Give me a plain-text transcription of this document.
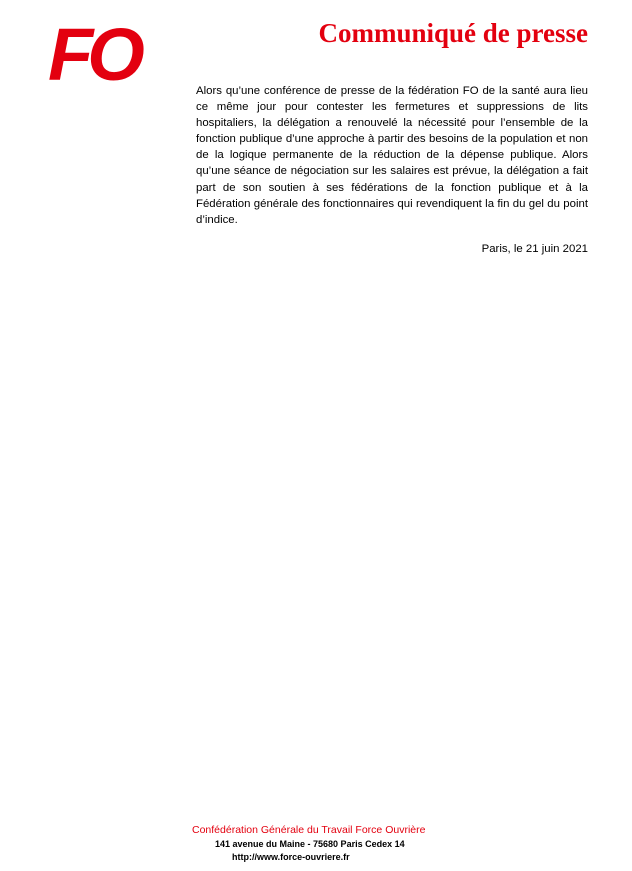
FO	Communiqué de presse

Alors qu’une conférence de presse de la fédération FO de la santé aura lieu ce même jour pour contester les fermetures et suppressions de lits hospitaliers, la délégation a renouvelé la nécessité pour l’ensemble de la fonction publique d’une approche à partir des besoins de la population et non de la logique permanente de la réduction de la dépense publique. Alors qu’une séance de négociation sur les salaires est prévue, la délégation a fait part de son soutien à ses fédérations de la fonction publique et à la Fédération générale des fonctionnaires qui revendiquent la fin du gel du point d’indice.

Paris, le 21 juin 2021
Confédération Générale du Travail Force Ouvrière
141 avenue du Maine - 75680 Paris Cedex 14
http://www.force-ouvriere.fr
